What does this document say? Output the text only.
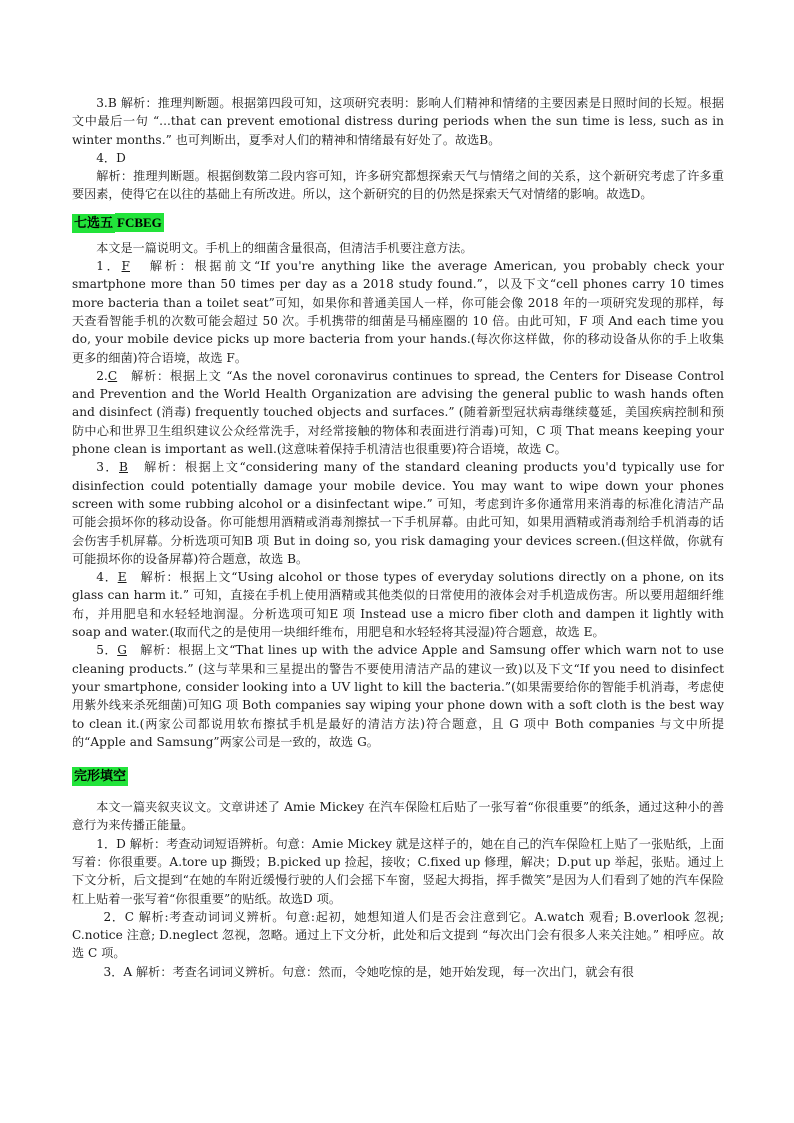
3.B 解析：推理判断题。根据第四段可知，这项研究表明：影响人们精神和情绪的主要因素是日照时间的长短。根据文中最后一句 “...that can prevent emotional distress during periods when the sun time is less, such as in winter months.” 也可判断出，夏季对人们的精神和情绪最有好处了。故选B。

4．D

解析：推理判断题。根据倒数第二段内容可知，许多研究都想探索天气与情绪之间的关系，这个新研究考虑了许多重要因素，使得它在以往的基础上有所改进。所以，这个新研究的目的仍然是探索天气对情绪的影响。故选D。

七选五 FCBEG

本文是一篇说明文。手机上的细菌含量很高，但清洁手机要注意方法。

1．F 解析：根据前文“If you're anything like the average American, you probably check your smartphone more than 50 times per day as a 2018 study found.”，以及下文“cell phones carry 10 times more bacteria than a toilet seat”可知，如果你和普通美国人一样，你可能会像 2018 年的一项研究发现的那样，每天查看智能手机的次数可能会超过 50 次。手机携带的细菌是马桶座圈的 10 倍。由此可知，F 项 And each time you do, your mobile device picks up more bacteria from your hands.(每次你这样做，你的移动设备从你的手上收集更多的细菌)符合语境，故选 F。

2.C 解析：根据上文 “As the novel coronavirus continues to spread, the Centers for Disease Control and Prevention and the World Health Organization are advising the general public to wash hands often and disinfect (消毒) frequently touched objects and surfaces.” (随着新型冠状病毒继续蔓延，美国疾病控制和预防中心和世界卫生组织建议公众经常洗手，对经常接触的物体和表面进行消毒)可知，C 项 That means keeping your phone clean is important as well.(这意味着保持手机清洁也很重要)符合语境，故选 C。

3．B 解析：根据上文“considering many of the standard cleaning products you'd typically use for disinfection could potentially damage your mobile device. You may want to wipe down your phones screen with some rubbing alcohol or a disinfectant wipe.” 可知，考虑到许多你通常用来消毒的标准化清洁产品可能会损坏你的移动设备。你可能想用酒精或消毒剂擦拭一下手机屏幕。由此可知，如果用酒精或消毒剂给手机消毒的话会伤害手机屏幕。分析选项可知B 项 But in doing so, you risk damaging your devices screen.(但这样做，你就有可能损坏你的设备屏幕)符合题意，故选 B。

4．E 解析：根据上文“Using alcohol or those types of everyday solutions directly on a phone, on its glass can harm it.” 可知，直接在手机上使用酒精或其他类似的日常使用的液体会对手机造成伤害。所以要用超细纤维布，并用肥皂和水轻轻地润湿。分析选项可知E 项 Instead use a micro fiber cloth and dampen it lightly with soap and water.(取而代之的是使用一块细纤维布，用肥皂和水轻轻将其浸湿)符合题意，故选 E。

5．G 解析：根据上文“That lines up with the advice Apple and Samsung offer which warn not to use cleaning products.” (这与苹果和三星提出的警告不要使用清洁产品的建议一致)以及下文“If you need to disinfect your smartphone, consider looking into a UV light to kill the bacteria.”(如果需要给你的智能手机消毒，考虑使用紫外线来杀死细菌)可知G 项 Both companies say wiping your phone down with a soft cloth is the best way to clean it.(两家公司都说用软布擦拭手机是最好的清洁方法)符合题意，且 G 项中 Both companies 与文中所提的“Apple and Samsung”两家公司是一致的，故选 G。

完形填空

本文一篇夹叙夹议文。文章讲述了 Amie Mickey 在汽车保险杠后贴了一张写着“你很重要”的纸条，通过这种小的善意行为来传播正能量。

1．D 解析：考查动词短语辨析。句意：Amie Mickey 就是这样子的，她在自己的汽车保险杠上贴了一张贴纸，上面写着：你很重要。A.tore up 撕毁；B.picked up 捡起，接收；C.fixed up 修理，解决；D.put up 举起，张贴。通过上下文分析，后文提到“在她的车附近缓慢行驶的人们会摇下车窗，竖起大拇指，挥手微笑”是因为人们看到了她的汽车保险杠上贴着一张写着“你很重要”的贴纸。故选D 项。

2．C 解析:考查动词词义辨析。句意:起初，她想知道人们是否会注意到它。A.watch 观看; B.overlook 忽视; C.notice 注意; D.neglect 忽视，忽略。通过上下文分析，此处和后文提到 “每次出门会有很多人来关注她。” 相呼应。故选 C 项。

3．A 解析：考查名词词义辨析。句意：然而，令她吃惊的是，她开始发现，每一次出门，就会有很
